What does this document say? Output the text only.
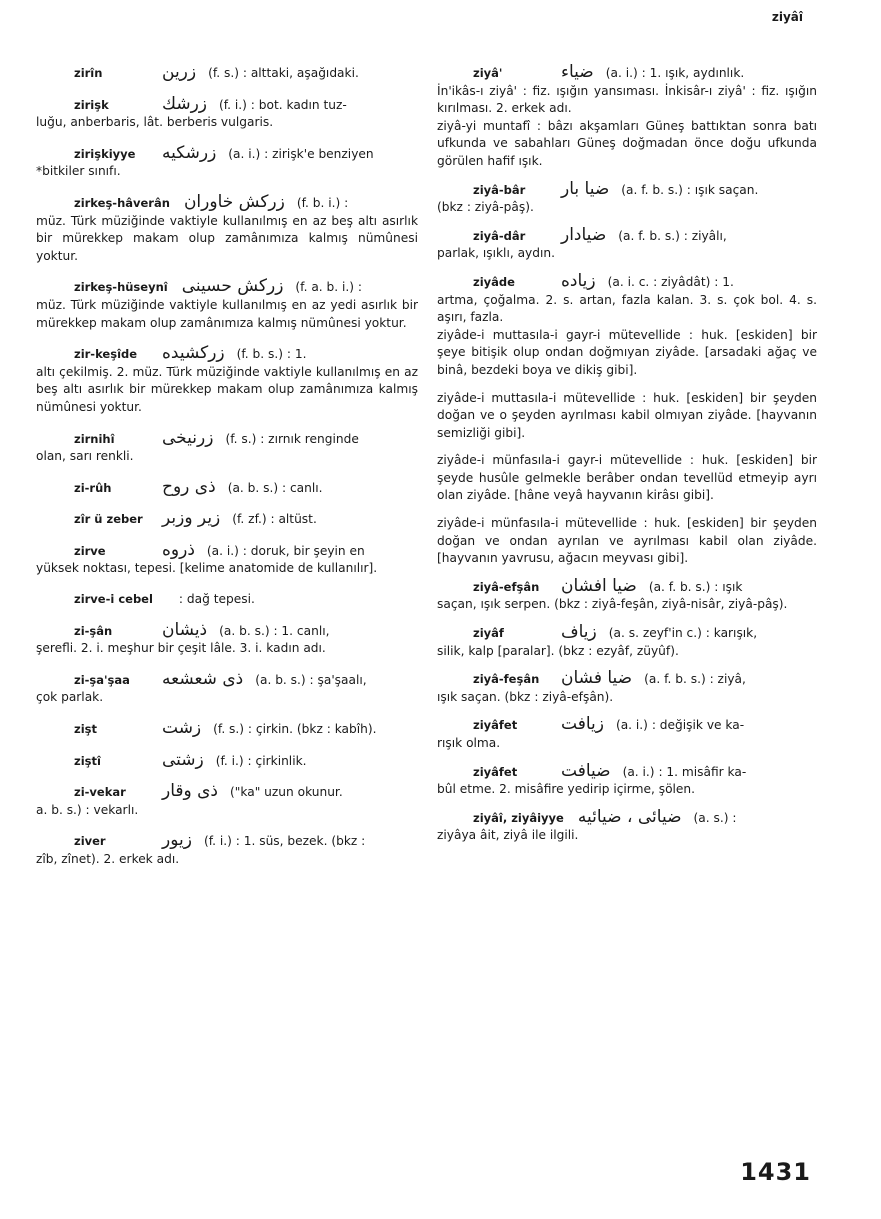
ziyâî
zirîn	زرين (f. s.) : alttaki, aşağıdaki.
zirişk	زرشك (f. i.) : bot. kadın tuz-
luğu, anberbaris, lât. berberis vulgaris.
zirişkiyye	زرشكيه (a. i.) : zirişk'e benziyen
*bitkiler sınıfı.
zirkeş-hâverân زركش خاوران (f. b. i.) :
müz. Türk müziğinde vaktiyle kullanılmış en az beş altı asırlık bir mürekkep makam olup zamânımıza kalmış nümûnesi yoktur.
zirkeş-hüseynî زركش حسينى (f. a. b. i.) :
müz. Türk müziğinde vaktiyle kullanılmış en az yedi asırlık bir mürekkep makam olup zamânımıza kalmış nümûnesi yoktur.
zir-keşîde	زركشيده (f. b. s.) : 1.
altı çekilmiş. 2. müz. Türk müziğinde vaktiyle kullanılmış en az beş altı asırlık bir mürekkep makam olup zamânımıza kalmış nümûnesi yoktur.
zirnihî	زرنيخى (f. s.) : zırnık renginde
olan, sarı renkli.
zi-rûh	ذى روح (a. b. s.) : canlı.
zîr ü zeber	زير وزبر (f. zf.) : altüst.
zirve	ذروه (a. i.) : doruk, bir şeyin en
yüksek noktası, tepesi. [kelime anatomide de kullanılır].
zirve-i cebel	: dağ tepesi.
zi-şân	ذيشان (a. b. s.) : 1. canlı,
şerefli. 2. i. meşhur bir çeşit lâle. 3. i. kadın adı.
zi-şa'şaa	ذى شعشعه (a. b. s.) : şa'şaalı,
çok parlak.
zişt	زشت (f. s.) : çirkin. (bkz : kabîh).
ziştî	زشتى (f. i.) : çirkinlik.
zi-vekar	ذى وقار ("ka" uzun okunur.
a. b. s.) : vekarlı.
ziver	زيور (f. i.) : 1. süs, bezek. (bkz :
zîb, zînet). 2. erkek adı.
ziyâ'	ضياء (a. i.) : 1. ışık, aydınlık.
İn'ikâs-ı ziyâ' : fiz. ışığın yansıması. İnkisâr-ı ziyâ' : fiz. ışığın kırılması. 2. erkek adı.
ziyâ-yi muntafî : bâzı akşamları Güneş battıktan sonra batı ufkunda ve sabahları Güneş doğmadan önce doğu ufkunda görülen hafif ışık.
ziyâ-bâr	ضيا بار (a. f. b. s.) : ışık saçan.
(bkz : ziyâ-pâş).
ziyâ-dâr	ضيادار (a. f. b. s.) : ziyâlı,
parlak, ışıklı, aydın.
ziyâde	زياده (a. i. c. : ziyâdât) : 1.
artma, çoğalma. 2. s. artan, fazla kalan. 3. s. çok bol. 4. s. aşırı, fazla.
ziyâde-i muttasıla-i gayr-i mütevellide : huk. [eskiden] bir şeye bitişik olup ondan doğmıyan ziyâde. [arsadaki ağaç ve binâ, bezdeki boya ve dikiş gibi].
ziyâde-i muttasıla-i mütevellide : huk. [eskiden] bir şeyden doğan ve o şeyden ayrılması kabil olmıyan ziyâde. [hayvanın semizliği gibi].
ziyâde-i münfasıla-i gayr-i mütevellide : huk. [eskiden] bir şeyde husûle gelmekle berâber ondan tevellüd etmeyip ayrı olan ziyâde. [hâne veyâ hayvanın kirâsı gibi].
ziyâde-i münfasıla-i mütevellide : huk. [eskiden] bir şeyden doğan ve ondan ayrılan ve ayrılması kabil olan ziyâde. [hayvanın yavrusu, ağacın meyvası gibi].
ziyâ-efşân	ضيا افشان (a. f. b. s.) : ışık
saçan, ışık serpen. (bkz : ziyâ-feşân, ziyâ-nisâr, ziyâ-pâş).
ziyâf	زياف (a. s. zeyf'in c.) : karışık,
silik, kalp [paralar]. (bkz : ezyâf, züyûf).
ziyâ-feşân	ضيا فشان (a. f. b. s.) : ziyâ,
ışık saçan. (bkz : ziyâ-efşân).
ziyâfet	زيافت (a. i.) : değişik ve ka-
rışık olma.
ziyâfet	ضيافت (a. i.) : 1. misâfir ka-
bûl etme. 2. misâfire yedirip içirme, şölen.
ziyâî, ziyâiyye ضيائى ، ضيائيه (a. s.) :
ziyâya âit, ziyâ ile ilgili.
1431
